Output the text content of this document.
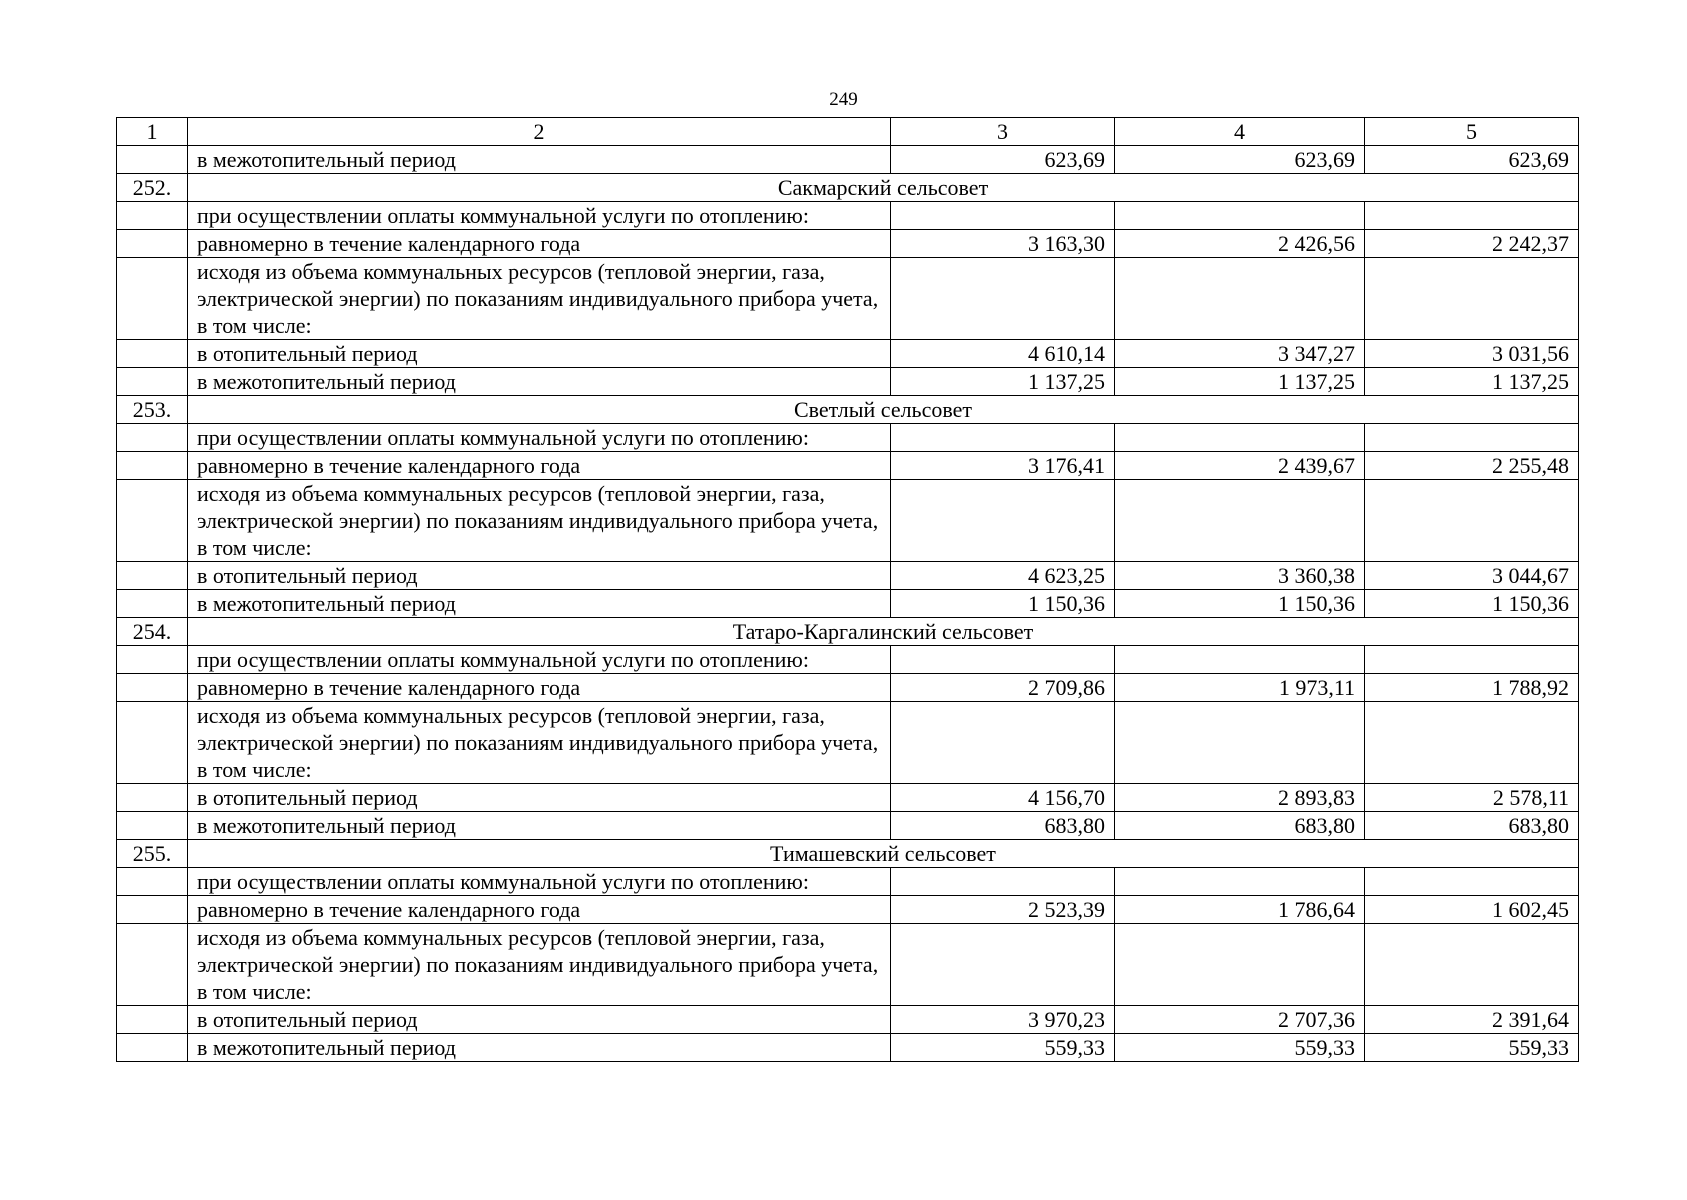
249
1	2	3	4	5
	в межотопительный период	623,69	623,69	623,69
252.	Сакмарский сельсовет			
	при осуществлении оплаты коммунальной услуги по отоплению:			
	равномерно в течение календарного года	3 163,30	2 426,56	2 242,37
	исходя из объема коммунальных ресурсов (тепловой энергии, газа, электрической энергии) по показаниям индивидуального прибора учета, в том числе:			
	в отопительный период	4 610,14	3 347,27	3 031,56
	в межотопительный период	1 137,25	1 137,25	1 137,25
253.	Светлый сельсовет			
	при осуществлении оплаты коммунальной услуги по отоплению:			
	равномерно в течение календарного года	3 176,41	2 439,67	2 255,48
	исходя из объема коммунальных ресурсов (тепловой энергии, газа, электрической энергии) по показаниям индивидуального прибора учета, в том числе:			
	в отопительный период	4 623,25	3 360,38	3 044,67
	в межотопительный период	1 150,36	1 150,36	1 150,36
254.	Татаро-Каргалинский сельсовет			
	при осуществлении оплаты коммунальной услуги по отоплению:			
	равномерно в течение календарного года	2 709,86	1 973,11	1 788,92
	исходя из объема коммунальных ресурсов (тепловой энергии, газа, электрической энергии) по показаниям индивидуального прибора учета, в том числе:			
	в отопительный период	4 156,70	2 893,83	2 578,11
	в межотопительный период	683,80	683,80	683,80
255.	Тимашевский сельсовет			
	при осуществлении оплаты коммунальной услуги по отоплению:			
	равномерно в течение календарного года	2 523,39	1 786,64	1 602,45
	исходя из объема коммунальных ресурсов (тепловой энергии, газа, электрической энергии) по показаниям индивидуального прибора учета, в том числе:			
	в отопительный период	3 970,23	2 707,36	2 391,64
	в межотопительный период	559,33	559,33	559,33
